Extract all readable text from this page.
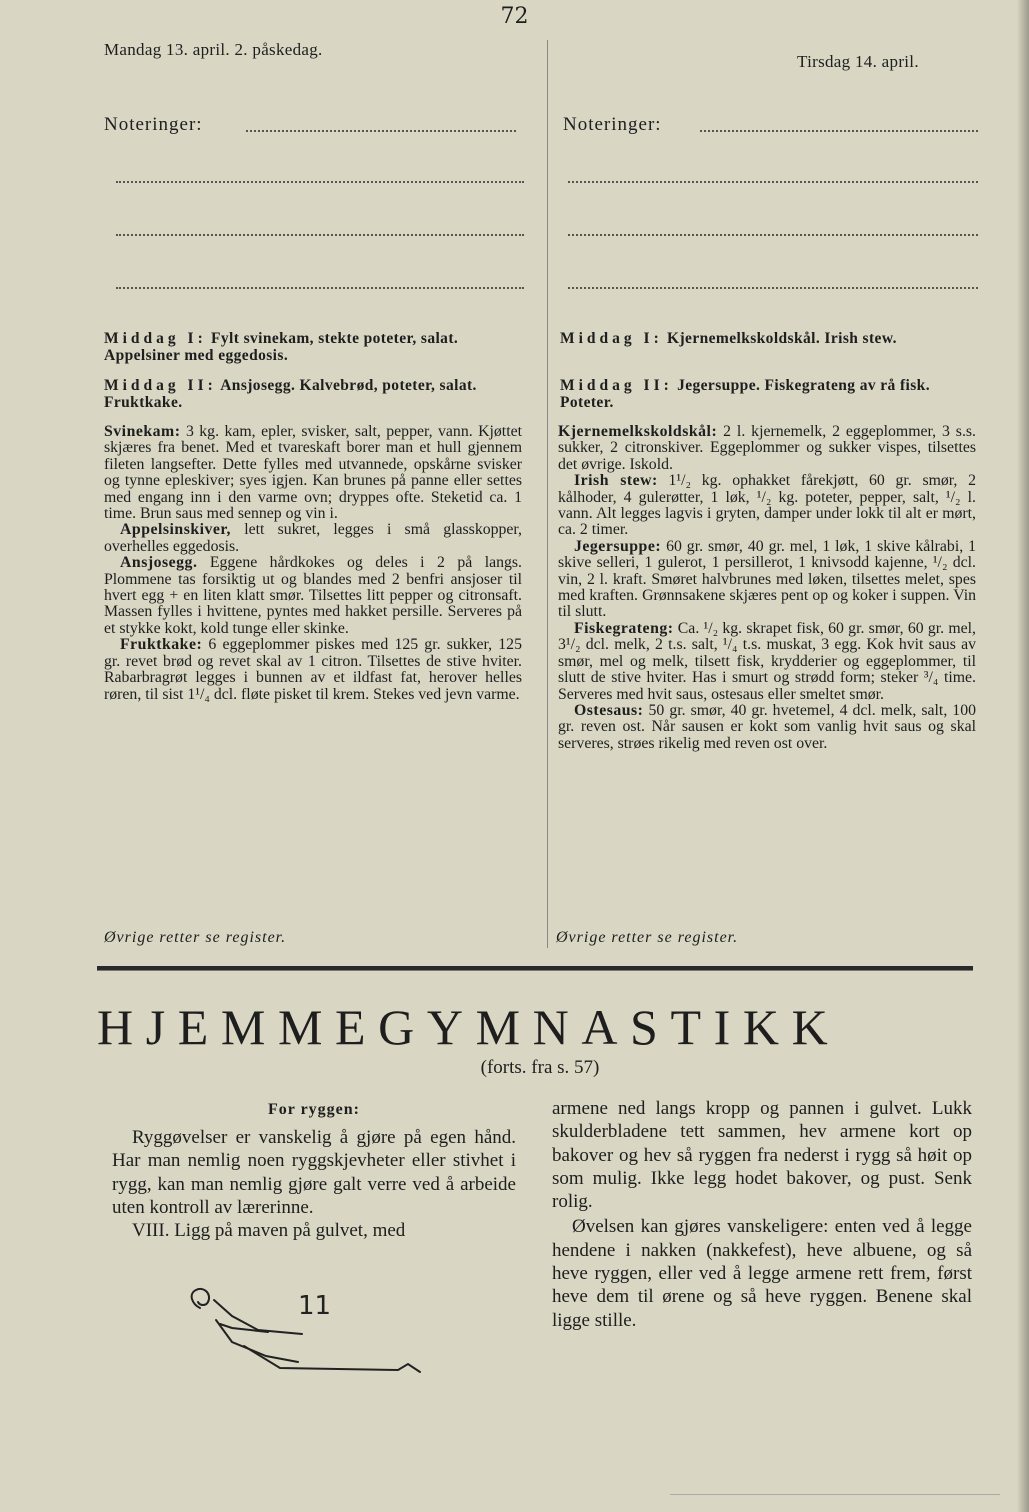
72
Mandag 13. april. 2. påskedag.
Noteringer:
Middag I: Fylt svinekam, stekte poteter, salat. Appelsiner med eggedosis.
Middag II: Ansjosegg. Kalvebrød, poteter, salat. Fruktkake.

Svinekam: 3 kg. kam, epler, svisker, salt, pepper, vann. Kjøttet skjæres fra benet. Med et tvareskaft borer man et hull gjennem fileten langsefter. Dette fylles med utvannede, opskårne svisker og tynne epleskiver; syes igjen. Kan brunes på panne eller settes med engang inn i den varme ovn; dryppes ofte. Steketid ca. 1 time. Brun saus med sennep og vin i.

Appelsinskiver, lett sukret, legges i små glasskopper, overhelles eggedosis.

Ansjosegg. Eggene hårdkokes og deles i 2 på langs. Plommene tas forsiktig ut og blandes med 2 benfri ansjoser til hvert egg + en liten klatt smør. Tilsettes litt pepper og citronsaft. Massen fylles i hvittene, pyntes med hakket persille. Serveres på et stykke kokt, kold tunge eller skinke.

Fruktkake: 6 eggeplommer piskes med 125 gr. sukker, 125 gr. revet brød og revet skal av 1 citron. Tilsettes de stive hviter. Rabarbragrøt legges i bunnen av et ildfast fat, herover helles røren, til sist 1¹/₄ dcl. fløte pisket til krem. Stekes ved jevn varme.

Øvrige retter se register.
Tirsdag 14. april.
Noteringer:
Middag I: Kjernemelkskoldskål. Irish stew.
Middag II: Jegersuppe. Fiskegrateng av rå fisk. Poteter.

Kjernemelkskoldskål: 2 l. kjernemelk, 2 eggeplommer, 3 s.s. sukker, 2 citronskiver. Eggeplommer og sukker vispes, tilsettes det øvrige. Iskold.

Irish stew: 1¹/₂ kg. ophakket fårekjøtt, 60 gr. smør, 2 kålhoder, 4 gulerøtter, 1 løk, ¹/₂ kg. poteter, pepper, salt, ¹/₂ l. vann. Alt legges lagvis i gryten, damper under lokk til alt er mørt, ca. 2 timer.

Jegersuppe: 60 gr. smør, 40 gr. mel, 1 løk, 1 skive kålrabi, 1 skive selleri, 1 gulerot, 1 persillerot, 1 knivsodd kajenne, ¹/₂ dcl. vin, 2 l. kraft. Smøret halvbrunes med løken, tilsettes melet, spes med kraften. Grønnsakene skjæres pent op og koker i suppen. Vin til slutt.

Fiskegrateng: Ca. ¹/₂ kg. skrapet fisk, 60 gr. smør, 60 gr. mel, 3¹/₂ dcl. melk, 2 t.s. salt, ¹/₄ t.s. muskat, 3 egg. Kok hvit saus av smør, mel og melk, tilsett fisk, krydderier og eggeplommer, til slutt de stive hviter. Has i smurt og strødd form; steker ³/₄ time. Serveres med hvit saus, ostesaus eller smeltet smør.

Ostesaus: 50 gr. smør, 40 gr. hvetemel, 4 dcl. melk, salt, 100 gr. reven ost. Når sausen er kokt som vanlig hvit saus og skal serveres, strøes rikelig med reven ost over.

Øvrige retter se register.
HJEMMEGYMNASTIKK
(forts. fra s. 57)
For ryggen:

Ryggøvelser er vanskelig å gjøre på egen hånd. Har man nemlig noen ryggskjevheter eller stivhet i rygg, kan man nemlig gjøre galt verre ved å arbeide uten kontroll av lærerinne.

VIII. Ligg på maven på gulvet, med

11

armene ned langs kropp og pannen i gulvet. Lukk skulderbladene tett sammen, hev armene kort op bakover og hev så ryggen fra nederst i rygg så høit op som mulig. Ikke legg hodet bakover, og pust. Senk rolig.

Øvelsen kan gjøres vanskeligere: enten ved å legge hendene i nakken (nakkefest), heve albuene, og så heve ryggen, eller ved å legge armene rett frem, først heve dem til ørene og så heve ryggen. Benene skal ligge stille.
